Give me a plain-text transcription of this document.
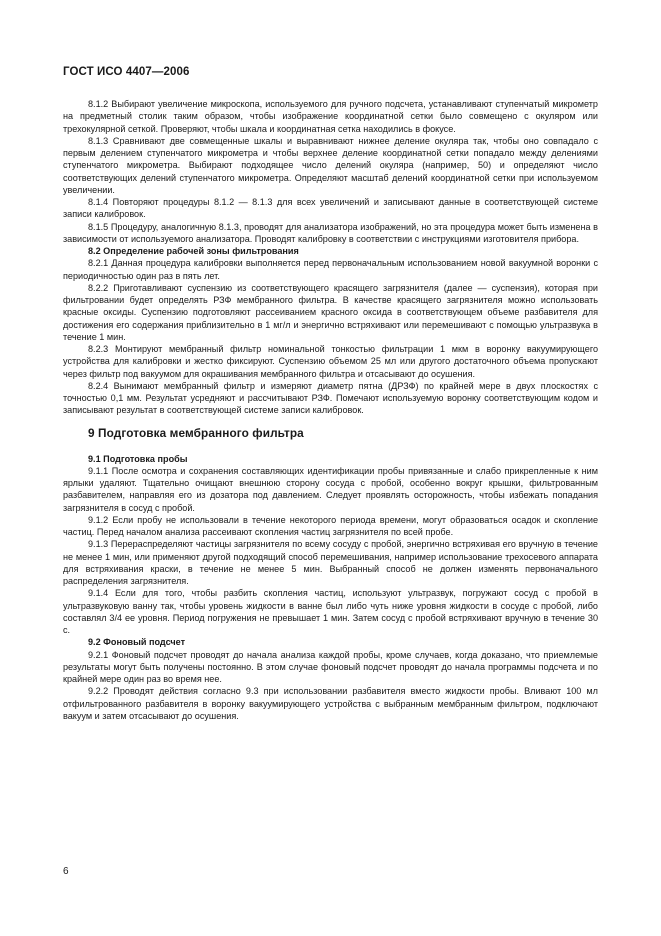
ГОСТ ИСО 4407—2006

8.1.2 Выбирают увеличение микроскопа, используемого для ручного подсчета, устанавливают ступенчатый микрометр на предметный столик таким образом, чтобы изображение координатной сетки было совмещено с окуляром или трехокулярной сеткой. Проверяют, чтобы шкала и координатная сетка находились в фокусе.

8.1.3 Сравнивают две совмещенные шкалы и выравнивают нижнее деление окуляра так, чтобы оно совпадало с первым делением ступенчатого микрометра и чтобы верхнее деление координатной сетки попадало между делениями ступенчатого микрометра. Выбирают подходящее число делений окуляра (например, 50) и определяют число соответствующих делений ступенчатого микрометра. Определяют масштаб делений координатной сетки при используемом увеличении.

8.1.4 Повторяют процедуры 8.1.2 — 8.1.3 для всех увеличений и записывают данные в соответствующей системе записи калибровок.

8.1.5 Процедуру, аналогичную 8.1.3, проводят для анализатора изображений, но эта процедура может быть изменена в зависимости от используемого анализатора. Проводят калибровку в соответствии с инструкциями изготовителя прибора.

8.2 Определение рабочей зоны фильтрования

8.2.1 Данная процедура калибровки выполняется перед первоначальным использованием новой вакуумной воронки с периодичностью один раз в пять лет.

8.2.2 Приготавливают суспензию из соответствующего красящего загрязнителя (далее — суспензия), которая при фильтровании будет определять РЗФ мембранного фильтра. В качестве красящего загрязнителя можно использовать красные оксиды. Суспензию подготовляют рассеиванием красного оксида в соответствующем объеме разбавителя для достижения его содержания приблизительно в 1 мг/л и энергично встряхивают или перемешивают с помощью ультразвука в течение 1 мин.

8.2.3 Монтируют мембранный фильтр номинальной тонкостью фильтрации 1 мкм в воронку вакуумирующего устройства для калибровки и жестко фиксируют. Суспензию объемом 25 мл или другого достаточного объема пропускают через фильтр под вакуумом для окрашивания мембранного фильтра и отсасывают до осушения.

8.2.4 Вынимают мембранный фильтр и измеряют диаметр пятна (ДРЗФ) по крайней мере в двух плоскостях с точностью 0,1 мм. Результат усредняют и рассчитывают РЗФ. Помечают используемую воронку соответствующим кодом и записывают результат в соответствующей системе записи калибровок.

9 Подготовка мембранного фильтра

9.1 Подготовка пробы

9.1.1 После осмотра и сохранения составляющих идентификации пробы привязанные и слабо прикрепленные к ним ярлыки удаляют. Тщательно очищают внешнюю сторону сосуда с пробой, особенно вокруг крышки, фильтрованным разбавителем, направляя его из дозатора под давлением. Следует проявлять осторожность, чтобы избежать попадания загрязнителя в сосуд с пробой.

9.1.2 Если пробу не использовали в течение некоторого периода времени, могут образоваться осадок и скопление частиц. Перед началом анализа рассеивают скопления частиц загрязнителя по всей пробе.

9.1.3 Перераспределяют частицы загрязнителя по всему сосуду с пробой, энергично встряхивая его вручную в течение не менее 1 мин, или применяют другой подходящий способ перемешивания, например использование трехосевого аппарата для встряхивания краски, в течение не менее 5 мин. Выбранный способ не должен изменять первоначального распределения загрязнителя.

9.1.4 Если для того, чтобы разбить скопления частиц, используют ультразвук, погружают сосуд с пробой в ультразвуковую ванну так, чтобы уровень жидкости в ванне был либо чуть ниже уровня жидкости в сосуде с пробой, либо составлял 3/4 ее уровня. Период погружения не превышает 1 мин. Затем сосуд с пробой встряхивают вручную в течение 30 с.

9.2 Фоновый подсчет

9.2.1 Фоновый подсчет проводят до начала анализа каждой пробы, кроме случаев, когда доказано, что приемлемые результаты могут быть получены постоянно. В этом случае фоновый подсчет проводят до начала программы подсчета и по крайней мере один раз во время нее.

9.2.2 Проводят действия согласно 9.3 при использовании разбавителя вместо жидкости пробы. Вливают 100 мл отфильтрованного разбавителя в воронку вакуумирующего устройства с выбранным мембранным фильтром, подключают вакуум и затем отсасывают до осушения.

6
